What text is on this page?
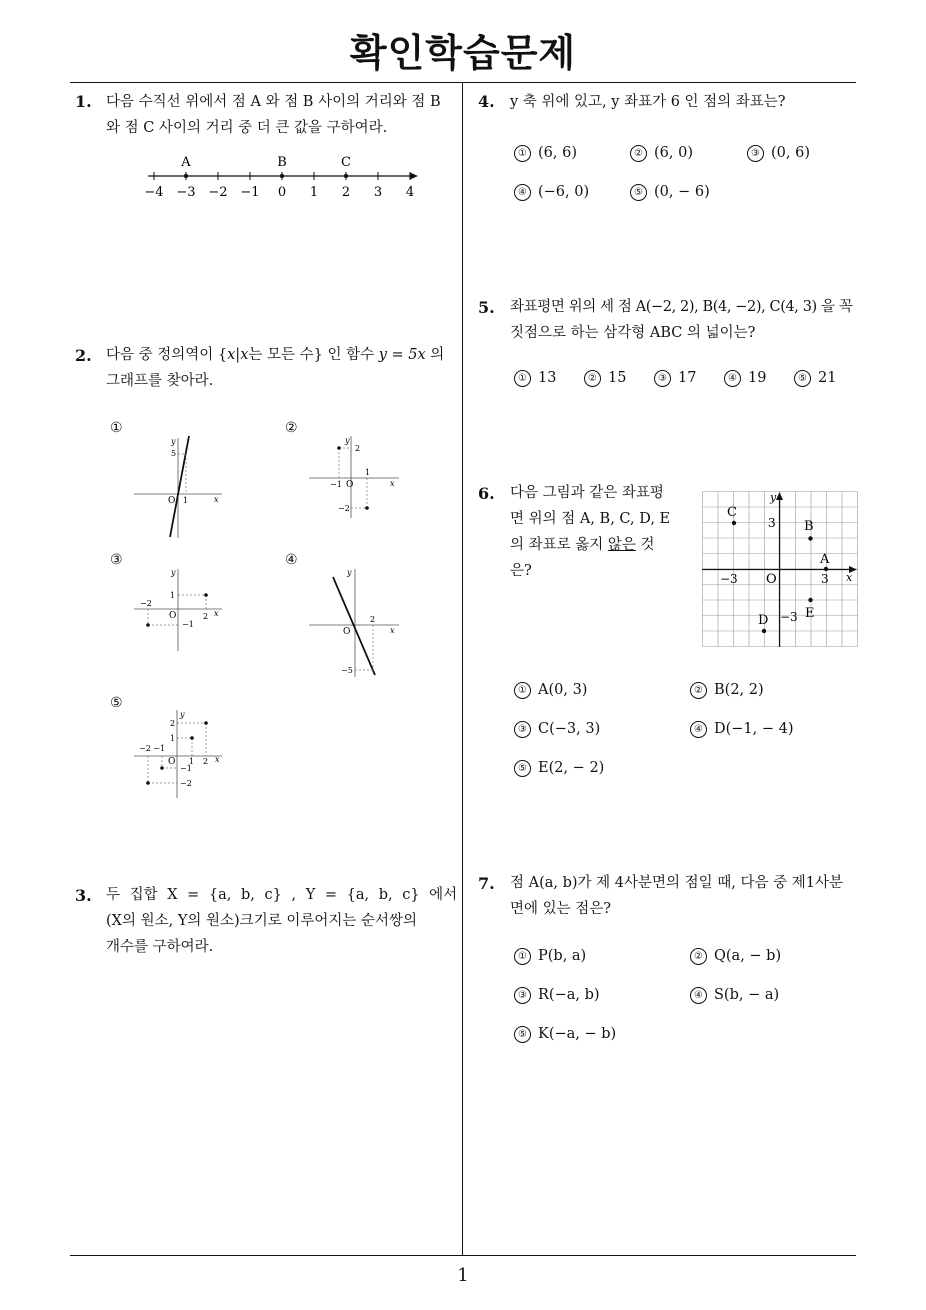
확인학습문제
1
1. 다음 수직선 위에서 점 A 와 점 B 사이의 거리와 점 B
와 점 C 사이의 거리 중 더 큰 값을 구하여라.
−4 −3 −2 −1 0 1 2 3 4
A	B	C
2. 다음 중 정의역이 {x|x는 모든 수} 인 함수 y = 5x 의
그래프를 찾아라.
①	②
③	④
⑤
y
5
O 1	x
y
2
1
−1 O	x
−2
y
1
−2
O	2 x
−1
y
2
O	x
−5
y
2
1
−2 −1
O 1 2 x
−1
−2
3. 두 집합 X = {a, b, c} , Y = {a, b, c} 에서
(X의 원소, Y의 원소)크기로 이루어지는 순서쌍의
개수를 구하여라.
4. y 축 위에 있고, y 좌표가 6 인 점의 좌표는?
① (6, 6)	② (6, 0)	③ (0, 6)
④ (−6, 0)	⑤ (0, − 6)
5. 좌표평면 위의 세 점 A(−2, 2), B(4, −2), C(4, 3) 을 꼭
짓점으로 하는 삼각형 ABC 의 넓이는?
① 13	② 15	③ 17	④ 19	⑤ 21
6. 다음 그림과 같은 좌표평
면 위의 점 A, B, C, D, E
의 좌표로 옳지 않은 것
은?
C
y
3 B
A
−3 O	3 x
E
−3
D
① A(0, 3)	② B(2, 2)
③ C(−3, 3)	④ D(−1, − 4)
⑤ E(2, − 2)
7. 점 A(a, b)가 제 4사분면의 점일 때, 다음 중 제1사분
면에 있는 점은?
① P(b, a)	② Q(a, − b)
③ R(−a, b)	④ S(b, − a)
⑤ K(−a, − b)
